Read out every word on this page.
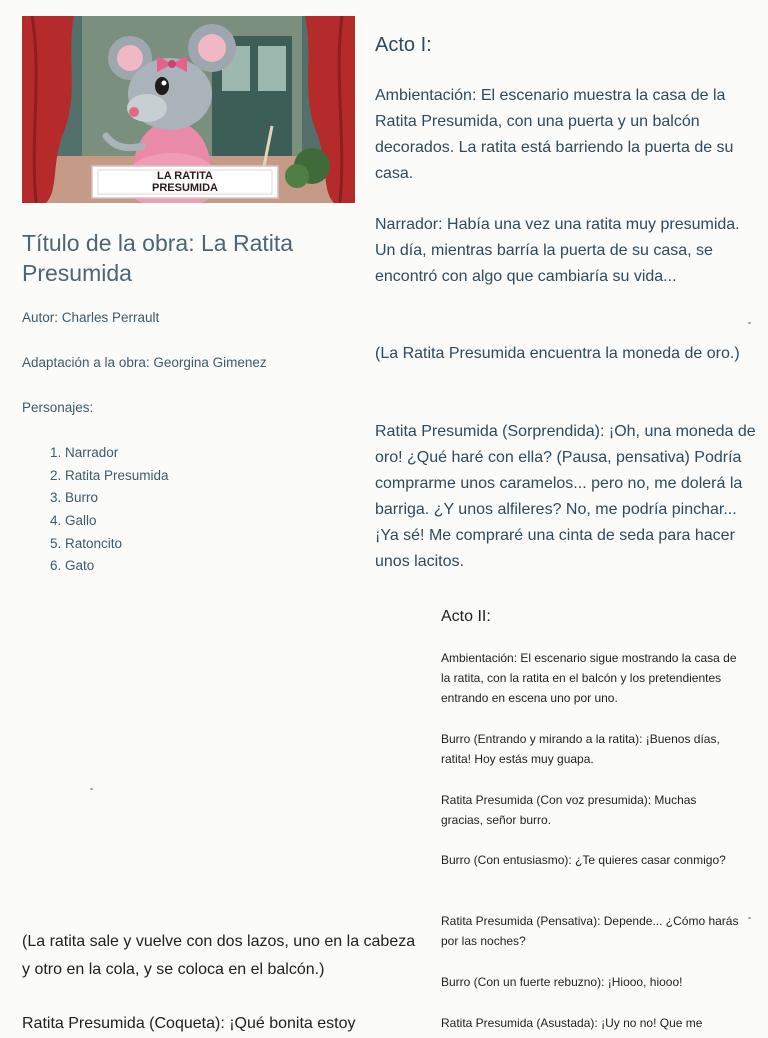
LA RATITA
PRESUMIDA
Título de la obra: La Ratita Presumida
Autor: Charles Perrault
Adaptación a la obra: Georgina Gimenez
Personajes:
1. Narrador
2. Ratita Presumida
3. Burro
4. Gallo
5. Ratoncito
6. Gato
Acto I:
Ambientación: El escenario muestra la casa de la Ratita Presumida, con una puerta y un balcón decorados. La ratita está barriendo la puerta de su casa.
Narrador: Había una vez una ratita muy presumida. Un día, mientras barría la puerta de su casa, se encontró con algo que cambiaría su vida...
(La Ratita Presumida encuentra la moneda de oro.)
Ratita Presumida (Sorprendida): ¡Oh, una moneda de oro! ¿Qué haré con ella? (Pausa, pensativa) Podría comprarme unos caramelos... pero no, me dolerá la barriga. ¿Y unos alfileres? No, me podría pinchar... ¡Ya sé! Me compraré una cinta de seda para hacer unos lacitos.
Acto II:
Ambientación: El escenario sigue mostrando la casa de la ratita, con la ratita en el balcón y los pretendientes entrando en escena uno por uno.
Burro (Entrando y mirando a la ratita): ¡Buenos días, ratita! Hoy estás muy guapa.
Ratita Presumida (Con voz presumida): Muchas gracias, señor burro.
Burro (Con entusiasmo): ¿Te quieres casar conmigo?
Ratita Presumida (Pensativa): Depende... ¿Cómo harás por las noches?
Burro (Con un fuerte rebuzno): ¡Hiooo, hiooo!
Ratita Presumida (Asustada): ¡Uy no no! Que me
(La ratita sale y vuelve con dos lazos, uno en la cabeza y otro en la cola, y se coloca en el balcón.)
Ratita Presumida (Coqueta): ¡Qué bonita estoy
